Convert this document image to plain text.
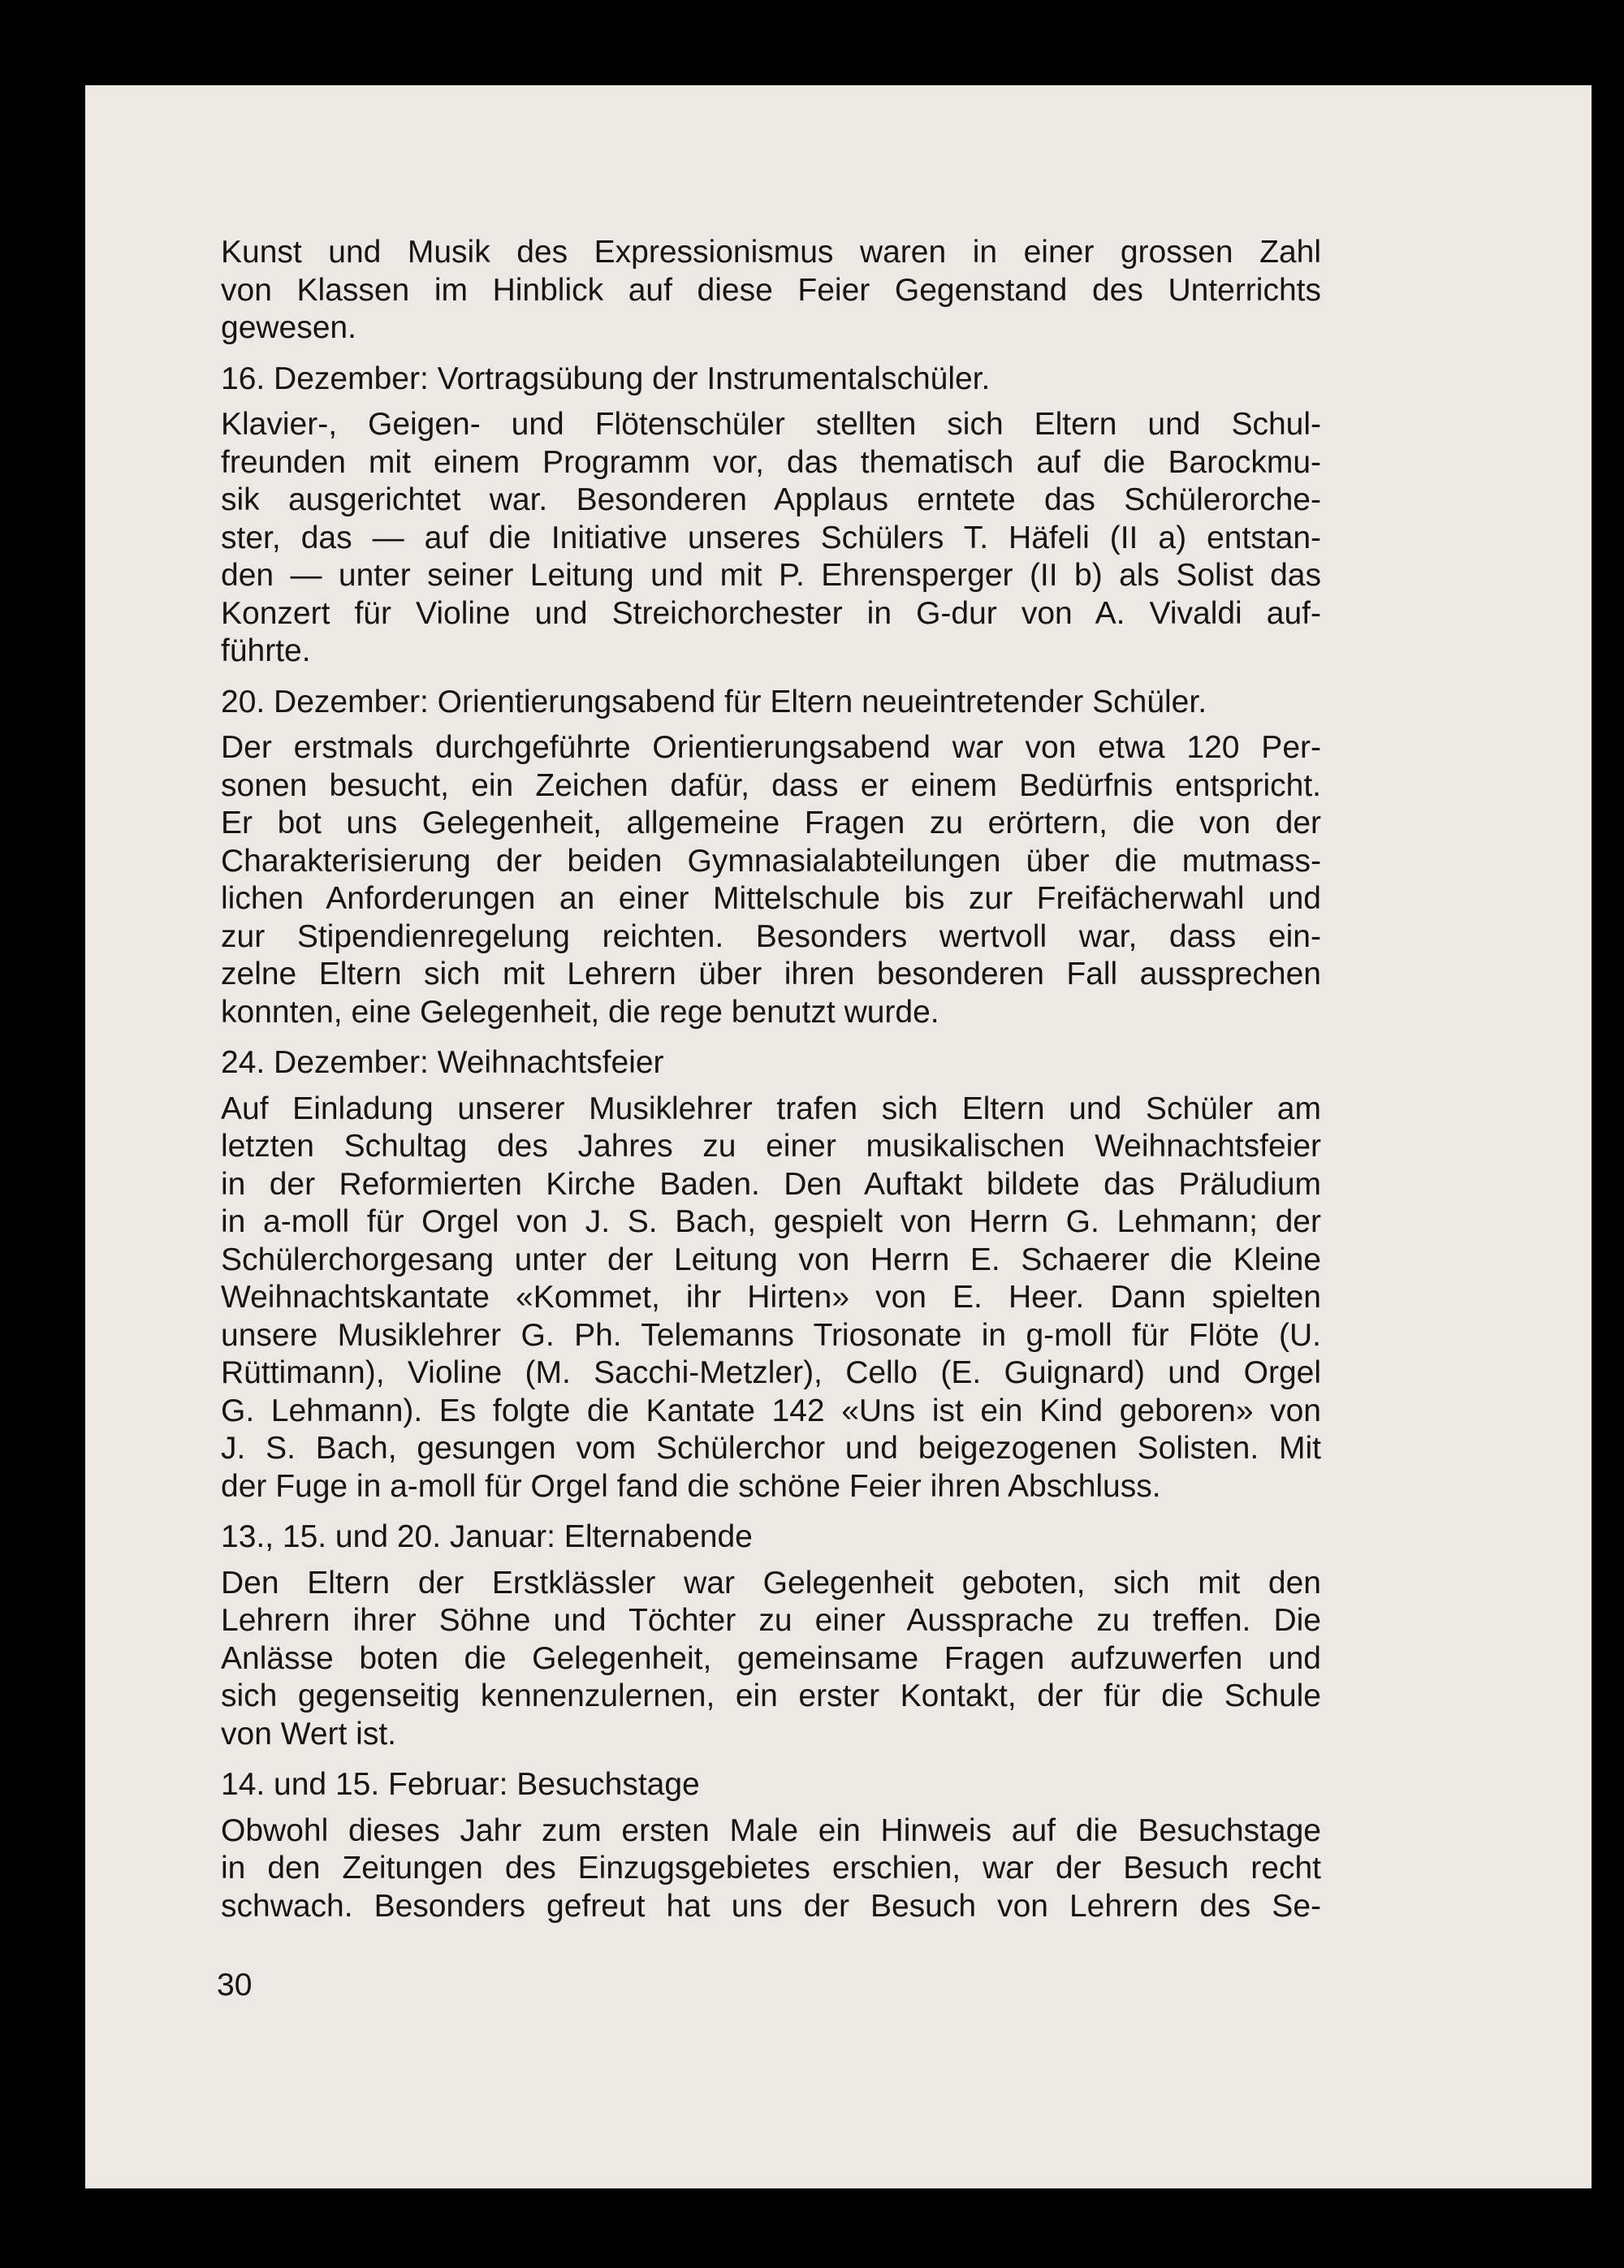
Kunst und Musik des Expressionismus waren in einer grossen Zahl
von Klassen im Hinblick auf diese Feier Gegenstand des Unterrichts
gewesen.
16. Dezember: Vortragsübung der Instrumentalschüler.
Klavier-, Geigen- und Flötenschüler stellten sich Eltern und Schul-
freunden mit einem Programm vor, das thematisch auf die Barockmu-
sik ausgerichtet war. Besonderen Applaus erntete das Schülerorche-
ster, das — auf die Initiative unseres Schülers T. Häfeli (II a) entstan-
den — unter seiner Leitung und mit P. Ehrensperger (II b) als Solist das
Konzert für Violine und Streichorchester in G-dur von A. Vivaldi auf-
führte.
20. Dezember: Orientierungsabend für Eltern neueintretender Schüler.
Der erstmals durchgeführte Orientierungsabend war von etwa 120 Per-
sonen besucht, ein Zeichen dafür, dass er einem Bedürfnis entspricht.
Er bot uns Gelegenheit, allgemeine Fragen zu erörtern, die von der
Charakterisierung der beiden Gymnasialabteilungen über die mutmass-
lichen Anforderungen an einer Mittelschule bis zur Freifächerwahl und
zur Stipendienregelung reichten. Besonders wertvoll war, dass ein-
zelne Eltern sich mit Lehrern über ihren besonderen Fall aussprechen
konnten, eine Gelegenheit, die rege benutzt wurde.
24. Dezember: Weihnachtsfeier
Auf Einladung unserer Musiklehrer trafen sich Eltern und Schüler am
letzten Schultag des Jahres zu einer musikalischen Weihnachtsfeier
in der Reformierten Kirche Baden. Den Auftakt bildete das Präludium
in a-moll für Orgel von J. S. Bach, gespielt von Herrn G. Lehmann; der
Schülerchorgesang unter der Leitung von Herrn E. Schaerer die Kleine
Weihnachtskantate «Kommet, ihr Hirten» von E. Heer. Dann spielten
unsere Musiklehrer G. Ph. Telemanns Triosonate in g-moll für Flöte (U.
Rüttimann), Violine (M. Sacchi-Metzler), Cello (E. Guignard) und Orgel
G. Lehmann). Es folgte die Kantate 142 «Uns ist ein Kind geboren» von
J. S. Bach, gesungen vom Schülerchor und beigezogenen Solisten. Mit
der Fuge in a-moll für Orgel fand die schöne Feier ihren Abschluss.
13., 15. und 20. Januar: Elternabende
Den Eltern der Erstklässler war Gelegenheit geboten, sich mit den
Lehrern ihrer Söhne und Töchter zu einer Aussprache zu treffen. Die
Anlässe boten die Gelegenheit, gemeinsame Fragen aufzuwerfen und
sich gegenseitig kennenzulernen, ein erster Kontakt, der für die Schule
von Wert ist.
14. und 15. Februar: Besuchstage
Obwohl dieses Jahr zum ersten Male ein Hinweis auf die Besuchstage
in den Zeitungen des Einzugsgebietes erschien, war der Besuch recht
schwach. Besonders gefreut hat uns der Besuch von Lehrern des Se-
30
